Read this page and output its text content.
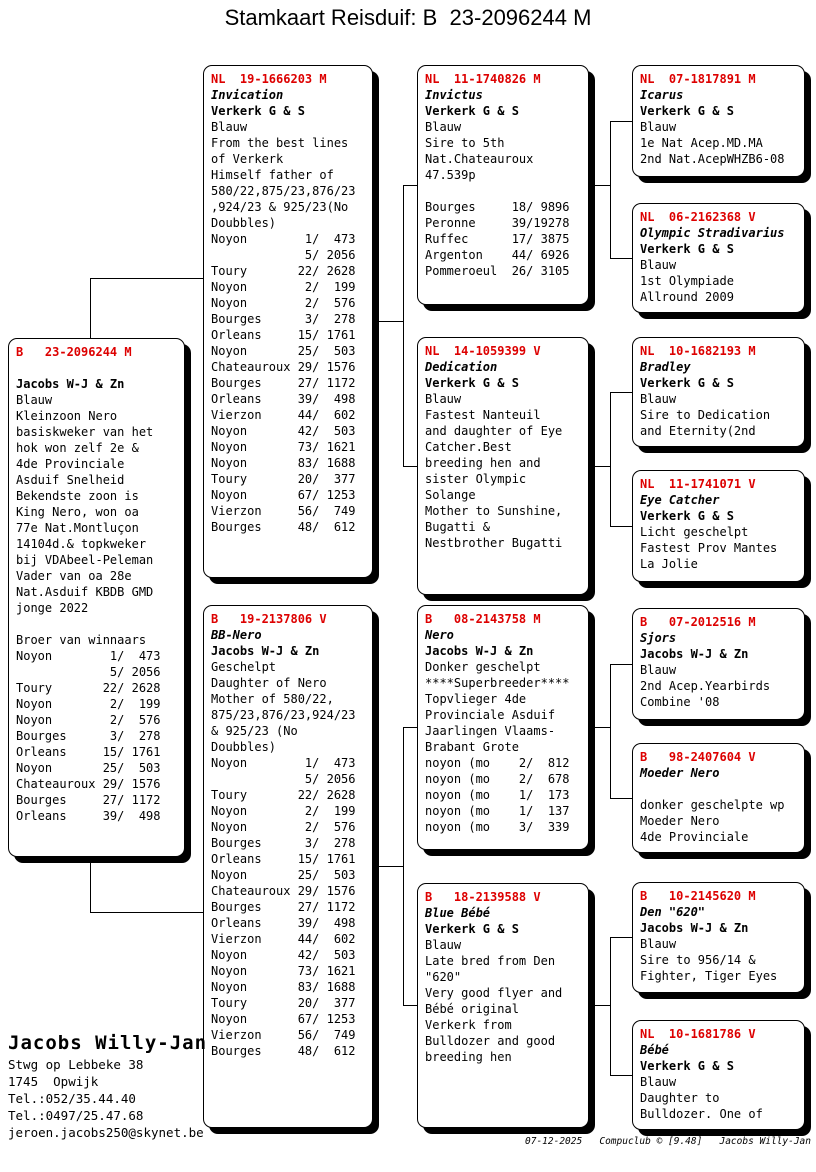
Stamkaart Reisduif: B  23-2096244 M
B   23-2096244 M
Jacobs W-J & Zn
Blauw
Kleinzoon Nero
basiskweker van het
hok won zelf 2e &
4de Provinciale
Asduif Snelheid
Bekendste zoon is
King Nero, won oa
77e Nat.Montluçon
14104d.& topkweker
bij VDAbeel-Peleman
Vader van oa 28e
Nat.Asduif KBDB GMD
jonge 2022
Broer van winnaars
Noyon        1/  473
5/ 2056
Toury       22/ 2628
Noyon        2/  199
Noyon        2/  576
Bourges      3/  278
Orleans     15/ 1761
Noyon       25/  503
Chateauroux 29/ 1576
Bourges     27/ 1172
Orleans     39/  498
NL  19-1666203 M
Invication
Verkerk G & S
Blauw
From the best lines
of Verkerk
Himself father of
580/22,875/23,876/23
,924/23 & 925/23(No
Doubbles)
Noyon        1/  473
5/ 2056
Toury       22/ 2628
Noyon        2/  199
Noyon        2/  576
Bourges      3/  278
Orleans     15/ 1761
Noyon       25/  503
Chateauroux 29/ 1576
Bourges     27/ 1172
Orleans     39/  498
Vierzon     44/  602
Noyon       42/  503
Noyon       73/ 1621
Noyon       83/ 1688
Toury       20/  377
Noyon       67/ 1253
Vierzon     56/  749
Bourges     48/  612
B   19-2137806 V
BB-Nero
Jacobs W-J & Zn
Geschelpt
Daughter of Nero
Mother of 580/22,
875/23,876/23,924/23
& 925/23 (No
Doubbles)
Noyon        1/  473
5/ 2056
Toury       22/ 2628
Noyon        2/  199
Noyon        2/  576
Bourges      3/  278
Orleans     15/ 1761
Noyon       25/  503
Chateauroux 29/ 1576
Bourges     27/ 1172
Orleans     39/  498
Vierzon     44/  602
Noyon       42/  503
Noyon       73/ 1621
Noyon       83/ 1688
Toury       20/  377
Noyon       67/ 1253
Vierzon     56/  749
Bourges     48/  612
NL  11-1740826 M
Invictus
Verkerk G & S
Blauw
Sire to 5th
Nat.Chateauroux
47.539p
Bourges     18/ 9896
Peronne     39/19278
Ruffec      17/ 3875
Argenton    44/ 6926
Pommeroeul  26/ 3105
NL  14-1059399 V
Dedication
Verkerk G & S
Blauw
Fastest Nanteuil
and daughter of Eye
Catcher.Best
breeding hen and
sister Olympic
Solange
Mother to Sunshine,
Bugatti &
Nestbrother Bugatti
B   08-2143758 M
Nero
Jacobs W-J & Zn
Donker geschelpt
****Superbreeder****
Topvlieger 4de
Provinciale Asduif
Jaarlingen Vlaams-
Brabant Grote
noyon (mo    2/  812
noyon (mo    2/  678
noyon (mo    1/  173
noyon (mo    1/  137
noyon (mo    3/  339
B   18-2139588 V
Blue Bébé
Verkerk G & S
Blauw
Late bred from Den
"620"
Very good flyer and
Bébé original
Verkerk from
Bulldozer and good
breeding hen
NL  07-1817891 M
Icarus
Verkerk G & S
Blauw
1e Nat Acep.MD.MA
2nd Nat.AcepWHZB6-08
NL  06-2162368 V
Olympic Stradivarius
Verkerk G & S
Blauw
1st Olympiade
Allround 2009
NL  10-1682193 M
Bradley
Verkerk G & S
Blauw
Sire to Dedication
and Eternity(2nd
NL  11-1741071 V
Eye Catcher
Verkerk G & S
Licht geschelpt
Fastest Prov Mantes
La Jolie
B   07-2012516 M
Sjors
Jacobs W-J & Zn
Blauw
2nd Acep.Yearbirds
Combine '08
B   98-2407604 V
Moeder Nero
donker geschelpte wp
Moeder Nero
4de Provinciale
B   10-2145620 M
Den "620"
Jacobs W-J & Zn
Blauw
Sire to 956/14 &
Fighter, Tiger Eyes
NL  10-1681786 V
Bébé
Verkerk G & S
Blauw
Daughter to
Bulldozer. One of
Jacobs Willy-Jan
Stwg op Lebbeke 38
1745  Opwijk
Tel.:052/35.44.40
Tel.:0497/25.47.68
jeroen.jacobs250@skynet.be
07-12-2025   Compuclub © [9.48]   Jacobs Willy-Jan
